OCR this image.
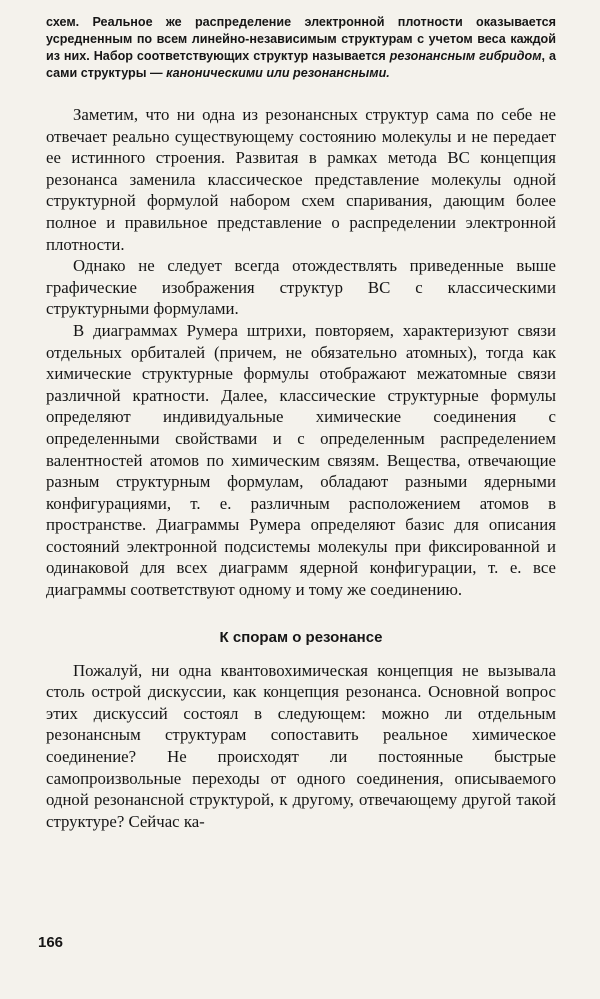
схем. Реальное же распределение электронной плотности оказывается усредненным по всем линейно-независимым структурам с учетом веса каждой из них. Набор соответствующих структур называется резонансным гибридом, а сами структуры — каноническими или резонансными.

Заметим, что ни одна из резонансных структур сама по себе не отвечает реально существующему состоянию молекулы и не передает ее истинного строения. Развитая в рамках метода ВС концепция резонанса заменила классическое представление молекулы одной структурной формулой набором схем спаривания, дающим более полное и правильное представление о распределении электронной плотности.

Однако не следует всегда отождествлять приведенные выше графические изображения структур ВС с классическими структурными формулами.

В диаграммах Румера штрихи, повторяем, характеризуют связи отдельных орбиталей (причем, не обязательно атомных), тогда как химические структурные формулы отображают межатомные связи различной кратности. Далее, классические структурные формулы определяют индивидуальные химические соединения с определенными свойствами и с определенным распределением валентностей атомов по химическим связям. Вещества, отвечающие разным структурным формулам, обладают разными ядерными конфигурациями, т. е. различным расположением атомов в пространстве. Диаграммы Румера определяют базис для описания состояний электронной подсистемы молекулы при фиксированной и одинаковой для всех диаграмм ядерной конфигурации, т. е. все диаграммы соответствуют одному и тому же соединению.

К спорам о резонансе

Пожалуй, ни одна квантовохимическая концепция не вызывала столь острой дискуссии, как концепция резонанса. Основной вопрос этих дискуссий состоял в следующем: можно ли отдельным резонансным структурам сопоставить реальное химическое соединение? Не происходят ли постоянные быстрые самопроизвольные переходы от одного соединения, описываемого одной резонансной структурой, к другому, отвечающему другой такой структуре? Сейчас ка-

166
